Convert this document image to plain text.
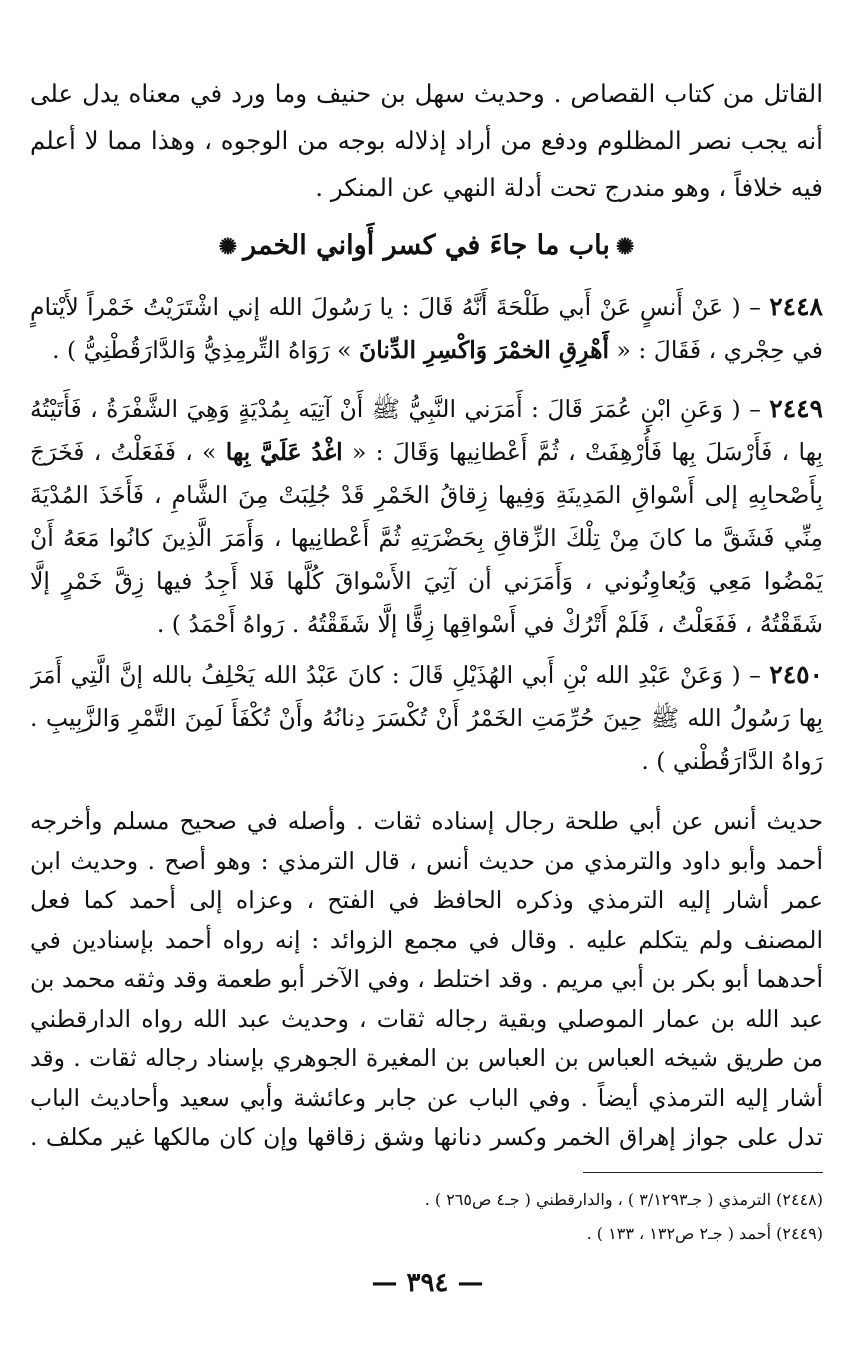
القاتل من كتاب القصاص . وحديث سهل بن حنيف وما ورد في معناه يدل على أنه يجب نصر المظلوم ودفع من أراد إذلاله بوجه من الوجوه ، وهذا مما لا أعلم فيه خلافاً ، وهو مندرج تحت أدلة النهي عن المنكر .

✺باب ما جاءَ في كسر أَواني الخمر✺

٢٤٤٨ – ( عَنْ أَنسٍ عَنْ أَبي طَلْحَةَ أَنَّهُ قَالَ : يا رَسُولَ الله إني اشْتَرَيْتُ خَمْراً لأَيْتامٍ في حِجْري ، فَقَالَ : « أَهْرِقِ الخمْرَ وَاكْسِرِ الدِّنانَ » رَوَاهُ التِّرمِذِيُّ وَالدَّارَقُطْنِيُّ ) .

٢٤٤٩ – ( وَعَنِ ابْنِ عُمَرَ قَالَ : أَمَرَني النَّبِيُّ ﷺ أَنْ آتِيَه بِمُدْيَةٍ وَهِيَ الشَّفْرَةُ ، فَأَتَيْتُهُ بِها ، فَأَرْسَلَ بِها فَأُرْهِفَتْ ، ثُمَّ أَعْطانِيها وَقَالَ : « اغْدُ عَلَيَّ بِها » ، فَفَعَلْتُ ، فَخَرَجَ بِأَصْحابِهِ إلى أَسْواقِ المَدِينَةِ وَفِيها زِقاقُ الخَمْرِ قَدْ جُلِبَتْ مِنَ الشَّامِ ، فَأَخَذَ المُدْيَةَ مِنِّي فَشَقَّ ما كانَ مِنْ تِلْكَ الزِّقاقِ بِحَضْرَتِهِ ثُمَّ أَعْطانِيها ، وَأَمَرَ الَّذِينَ كانُوا مَعَهُ أَنْ يَمْضُوا مَعِي وَيُعاوِنُوني ، وَأَمَرَني أن آتِيَ الأَسْواقَ كُلَّها فَلا أَجِدُ فيها زِقَّ خَمْرٍ إلَّا شَقَقْتُهُ ، فَفَعَلْتُ ، فَلَمْ أَتْرُكْ في أَسْواقِها زِقًّا إلَّا شَقَقْتُهُ . رَواهُ أَحْمَدُ ) .

٢٤٥٠ – ( وَعَنْ عَبْدِ الله بْنِ أَبي الهُذَيْلِ قَالَ : كانَ عَبْدُ الله يَحْلِفُ بالله إنَّ الَّتِي أَمَرَ بِها رَسُولُ الله ﷺ حِينَ حُرِّمَتِ الخَمْرُ أَنْ تُكْسَرَ دِنانُهُ وأَنْ تُكْفَأَ لَمِنَ التَّمْرِ وَالزَّبِيبِ . رَواهُ الدَّارَقُطْني ) .

حديث أنس عن أبي طلحة رجال إسناده ثقات . وأصله في صحيح مسلم وأخرجه أحمد وأبو داود والترمذي من حديث أنس ، قال الترمذي : وهو أصح . وحديث ابن عمر أشار إليه الترمذي وذكره الحافظ في الفتح ، وعزاه إلى أحمد كما فعل المصنف ولم يتكلم عليه . وقال في مجمع الزوائد : إنه رواه أحمد بإسنادين في أحدهما أبو بكر بن أبي مريم . وقد اختلط ، وفي الآخر أبو طعمة وقد وثقه محمد بن عبد الله بن عمار الموصلي وبقية رجاله ثقات ، وحديث عبد الله رواه الدارقطني من طريق شيخه العباس بن العباس بن المغيرة الجوهري بإسناد رجاله ثقات . وقد أشار إليه الترمذي أيضاً . وفي الباب عن جابر وعائشة وأبي سعيد وأحاديث الباب تدل على جواز إهراق الخمر وكسر دنانها وشق زقاقها وإن كان مالكها غير مكلف .

(٢٤٤٨) الترمذي ( جـ٣/١٢٩٣ ) ، والدارقطني ( جـ٤ ص٢٦٥ ) .
(٢٤٤٩) أحمد ( جـ٢ ص١٣٢ ، ١٣٣ ) .
— ٣٩٤ —
